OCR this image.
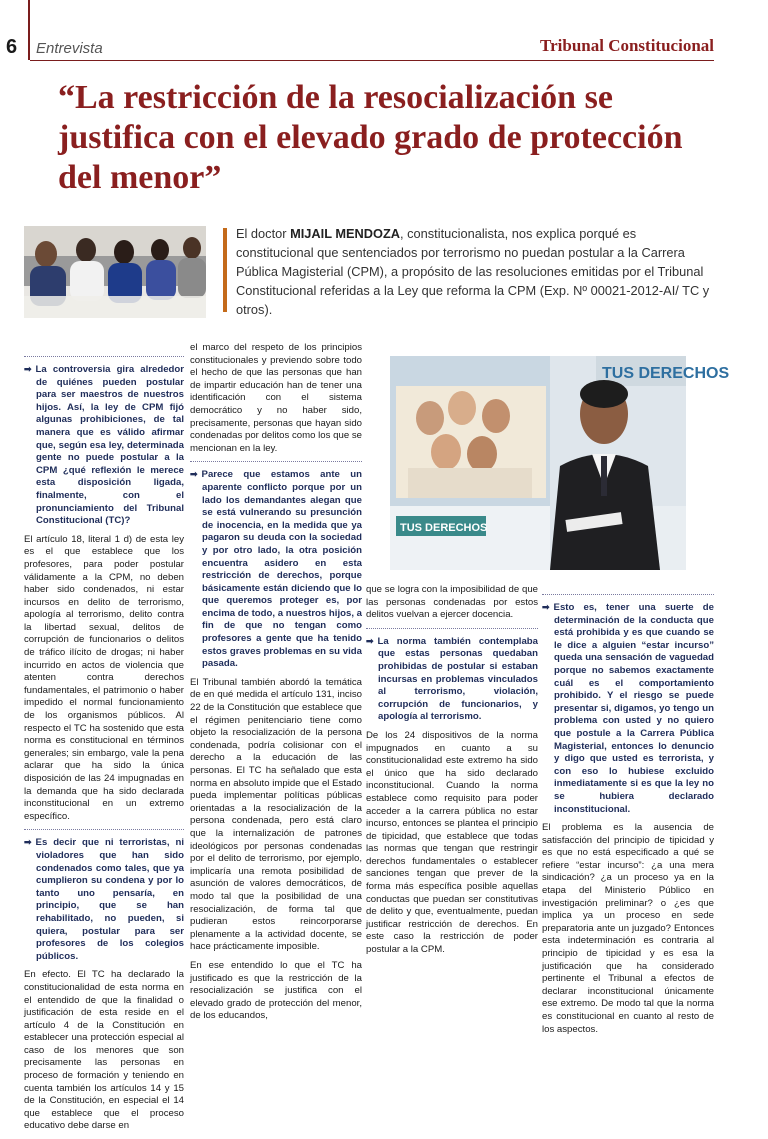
6 Entrevista	Tribunal Constitucional
“La restricción de la resocialización se justifica con el elevado grado de protección del menor”

El doctor MIJAIL MENDOZA, constitucionalista, nos explica porqué es constitucional que sentenciados por terrorismo no puedan postular a la Carrera Pública Magisterial (CPM), a propósito de las resoluciones emitidas por el Tribunal Constitucional referidas a la Ley que reforma la CPM (Exp. Nº 00021-2012-AI/ TC y otros).

➡ La controversia gira alrededor de quiénes pueden postular para ser maestros de nuestros hijos. Así, la ley de CPM fijó algunas prohibiciones, de tal manera que es válido afirmar que, según esa ley, determinada gente no puede postular a la CPM ¿qué reflexión le merece esta disposición ligada, finalmente, con el pronunciamiento del Tribunal Constitucional (TC)?

El artículo 18, literal 1 d) de esta ley es el que establece que los profesores, para poder postular válidamente a la CPM, no deben haber sido condenados, ni estar incursos en delito de terrorismo, apología al terrorismo, delito contra la libertad sexual, delitos de corrupción de funcionarios o delitos de tráfico ilícito de drogas; ni haber incurrido en actos de violencia que atenten contra derechos fundamentales, el patrimonio o haber impedido el normal funcionamiento de los organismos públicos. Al respecto el TC ha sostenido que esta norma es constitucional en términos generales; sin embargo, vale la pena aclarar que ha sido la única disposición de las 24 impugnadas en la demanda que ha sido declarada inconstitucional en un extremo específico.

➡ Es decir que ni terroristas, ni violadores que han sido condenados como tales, que ya cumplieron su condena y por lo tanto uno pensaría, en principio, que se han rehabilitado, no pueden, si quiera, postular para ser profesores de los colegios públicos.

En efecto. El TC ha declarado la constitucionalidad de esta norma en el entendido de que la finalidad o justificación de esta reside en el artículo 4 de la Constitución en establecer una protección especial al caso de los menores que son precisamente las personas en proceso de formación y teniendo en cuenta también los artículos 14 y 15 de la Constitución, en especial el 14 que establece que el proceso educativo debe darse en

el marco del respeto de los principios constitucionales y previendo sobre todo el hecho de que las personas que han de impartir educación han de tener una identificación con el sistema democrático y no haber sido, precisamente, personas que hayan sido condenadas por delitos como los que se mencionan en la ley.

➡ Parece que estamos ante un aparente conflicto porque por un lado los demandantes alegan que se está vulnerando su presunción de inocencia, en la medida que ya pagaron su deuda con la sociedad y por otro lado, la otra posición encuentra asidero en esta restricción de derechos, porque básicamente están diciendo que lo que queremos proteger es, por encima de todo, a nuestros hijos, a fin de que no tengan como profesores a gente que ha tenido estos graves problemas en su vida pasada.

El Tribunal también abordó la temática de en qué medida el artículo 131, inciso 22 de la Constitución que establece que el régimen penitenciario tiene como objeto la resocialización de la persona condenada, podría colisionar con el derecho a la educación de las personas. El TC ha señalado que esta norma en absoluto impide que el Estado pueda implementar políticas públicas orientadas a la resocialización de la persona condenada, pero está claro que la internalización de patrones ideológicos por personas condenadas por el delito de terrorismo, por ejemplo, implicaría una remota posibilidad de asunción de valores democráticos, de modo tal que la posibilidad de una resocialización, de forma tal que pudieran estos reincorporarse plenamente a la actividad docente, se hace prácticamente imposible.

En ese entendido lo que el TC ha justificado es que la restricción de la resocialización se justifica con el elevado grado de protección del menor, de los educandos,

TUS DERECHOS
TUS DERECHOS

que se logra con la imposibilidad de que las personas condenadas por estos delitos vuelvan a ejercer docencia.

➡ La norma también contemplaba que estas personas quedaban prohibidas de postular si estaban incursas en problemas vinculados al terrorismo, violación, corrupción de funcionarios, y apología al terrorismo.

De los 24 dispositivos de la norma impugnados en cuanto a su constitucionalidad este extremo ha sido el único que ha sido declarado inconstitucional. Cuando la norma establece como requisito para poder acceder a la carrera pública no estar incurso, entonces se plantea el principio de tipicidad, que establece que todas las normas que tengan que restringir derechos fundamentales o establecer sanciones tengan que prever de la forma más específica posible aquellas conductas que puedan ser constitutivas de delito y que, eventualmente, puedan justificar restricción de derechos. En este caso la restricción de poder postular a la CPM.

➡ Esto es, tener una suerte de determinación de la conducta que está prohibida y es que cuando se le dice a alguien “estar incurso” queda una sensación de vaguedad porque no sabemos exactamente cuál es el comportamiento prohibido. Y el riesgo se puede presentar si, digamos, yo tengo un problema con usted y no quiero que postule a la Carrera Pública Magisterial, entonces lo denuncio y digo que usted es terrorista, y con eso lo hubiese excluido inmediatamente si es que la ley no se hubiera declarado inconstitucional.

El problema es la ausencia de satisfacción del principio de tipicidad y es que no está especificado a qué se refiere “estar incurso”: ¿a una mera sindicación? ¿a un proceso ya en la etapa del Ministerio Público en investigación preliminar? o ¿es que implica ya un proceso en sede preparatoria ante un juzgado? Entonces esta indeterminación es contraria al principio de tipicidad y es esa la justificación que ha considerado pertinente el Tribunal a efectos de declarar inconstitucional únicamente ese extremo. De modo tal que la norma es constitucional en cuanto al resto de los aspectos.
